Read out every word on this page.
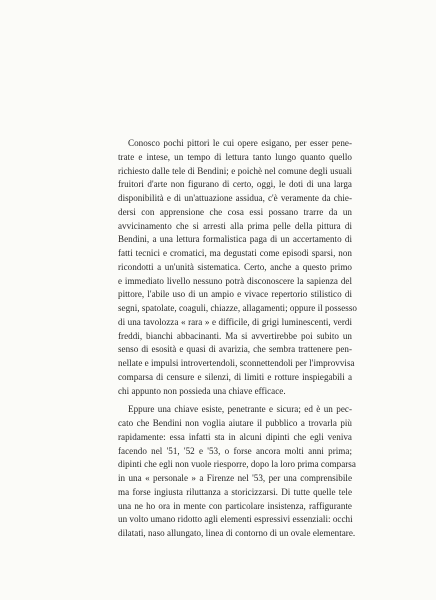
Conosco pochi pittori le cui opere esigano, per esser pene-
trate e intese, un tempo di lettura tanto lungo quanto quello
richiesto dalle tele di Bendini; e poichè nel comune degli usuali
fruitori d'arte non figurano di certo, oggi, le doti di una larga
disponibilità e di un'attuazione assidua, c'è veramente da chie-
dersi con apprensione che cosa essi possano trarre da un
avvicinamento che si arresti alla prima pelle della pittura di
Bendini, a una lettura formalistica paga di un accertamento di
fatti tecnici e cromatici, ma degustati come episodi sparsi, non
ricondotti a un'unità sistematica. Certo, anche a questo primo
e immediato livello nessuno potrà disconoscere la sapienza del
pittore, l'abile uso di un ampio e vivace repertorio stilistico di
segni, spatolate, coaguli, chiazze, allagamenti; oppure il possesso
di una tavolozza « rara » e difficile, di grigi luminescenti, verdi
freddi, bianchi abbacinanti. Ma si avvertirebbe poi subito un
senso di esosità e quasi di avarizia, che sembra trattenere pen-
nellate e impulsi introvertendoli, sconnettendoli per l'improvvisa
comparsa di censure e silenzi, di limiti e rotture inspiegabili a
chi appunto non possieda una chiave efficace.
Eppure una chiave esiste, penetrante e sicura; ed è un pec-
cato che Bendini non voglia aiutare il pubblico a trovarla più
rapidamente: essa infatti sta in alcuni dipinti che egli veniva
facendo nel '51, '52 e '53, o forse ancora molti anni prima;
dipinti che egli non vuole riesporre, dopo la loro prima comparsa
in una « personale » a Firenze nel '53, per una comprensibile
ma forse ingiusta riluttanza a storicizzarsi. Di tutte quelle tele
una ne ho ora in mente con particolare insistenza, raffigurante
un volto umano ridotto agli elementi espressivi essenziali: occhi
dilatati, naso allungato, linea di contorno di un ovale elementare.
